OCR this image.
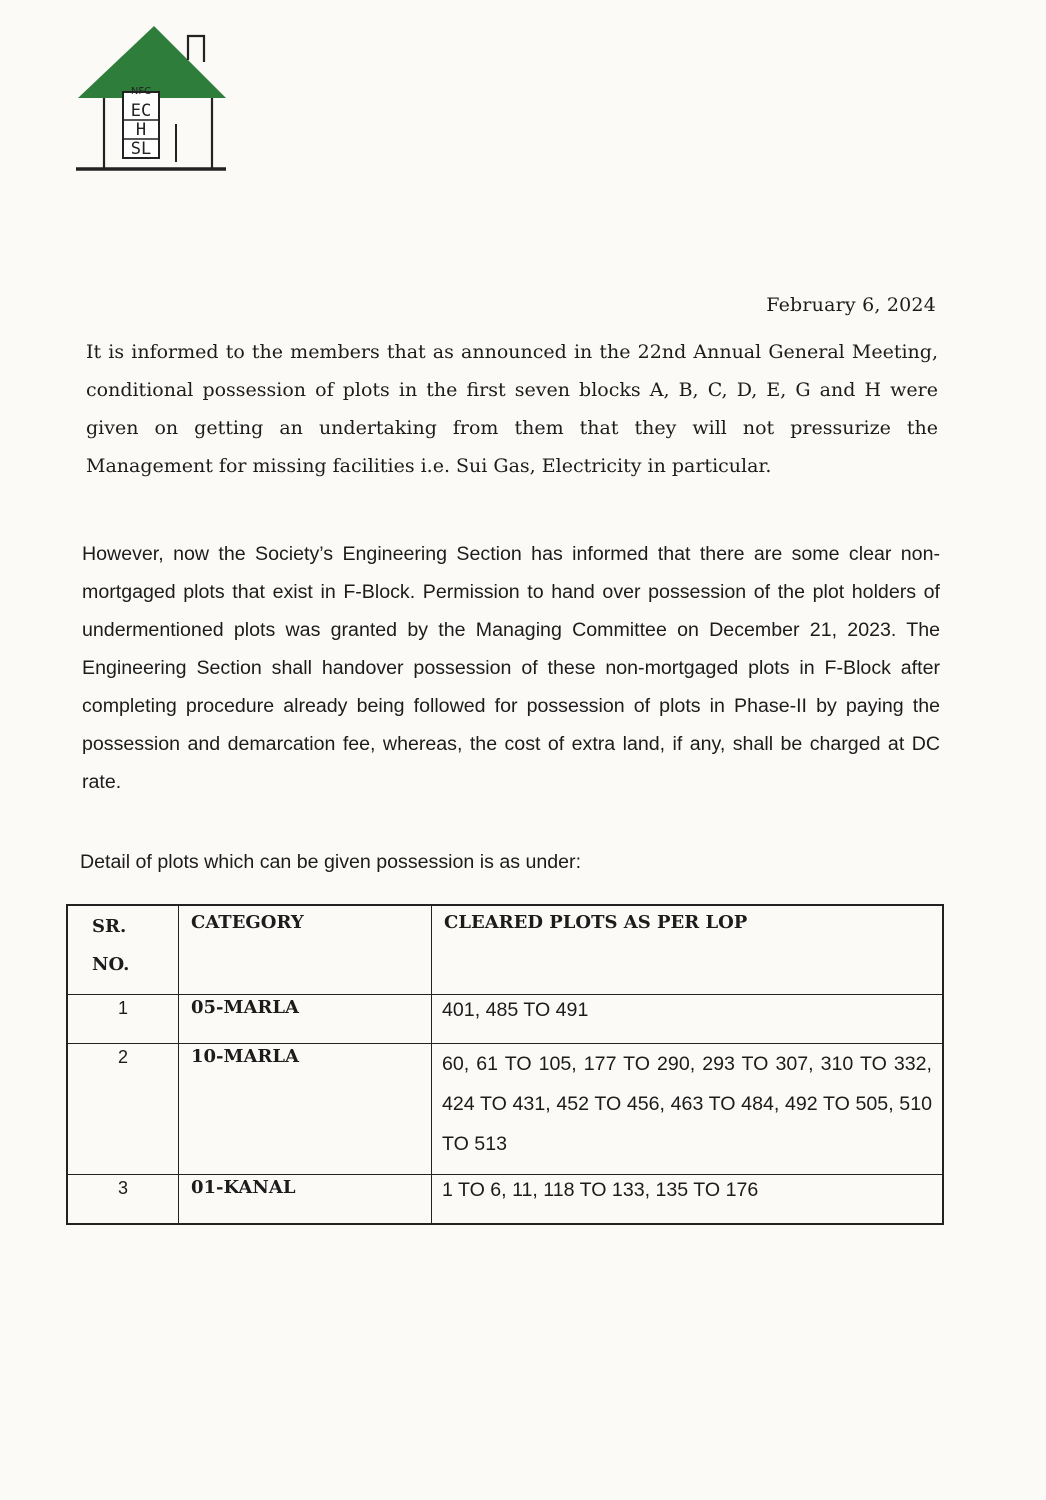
NFC
EC
H
SL
February 6, 2024

It is informed to the members that as announced in the 22nd Annual General Meeting, conditional possession of plots in the first seven blocks A, B, C, D, E, G and H were given on getting an undertaking from them that they will not pressurize the Management for missing facilities i.e. Sui Gas, Electricity in particular.

However, now the Society’s Engineering Section has informed that there are some clear non-mortgaged plots that exist in F-Block. Permission to hand over possession of the plot holders of undermentioned plots was granted by the Managing Committee on December 21, 2023. The Engineering Section shall handover possession of these non-mortgaged plots in F-Block after completing procedure already being followed for possession of plots in Phase-II by paying the possession and demarcation fee, whereas, the cost of extra land, if any, shall be charged at DC rate.

Detail of plots which can be given possession is as under:
SR.
NO.	CATEGORY	CLEARED PLOTS AS PER LOP
1	05-MARLA	401, 485 TO 491
2	10-MARLA	60, 61 TO 105, 177 TO 290, 293 TO 307, 310 TO 332, 424 TO 431, 452 TO 456, 463 TO 484, 492 TO 505, 510 TO 513
3	01-KANAL	1 TO 6, 11, 118 TO 133, 135 TO 176
